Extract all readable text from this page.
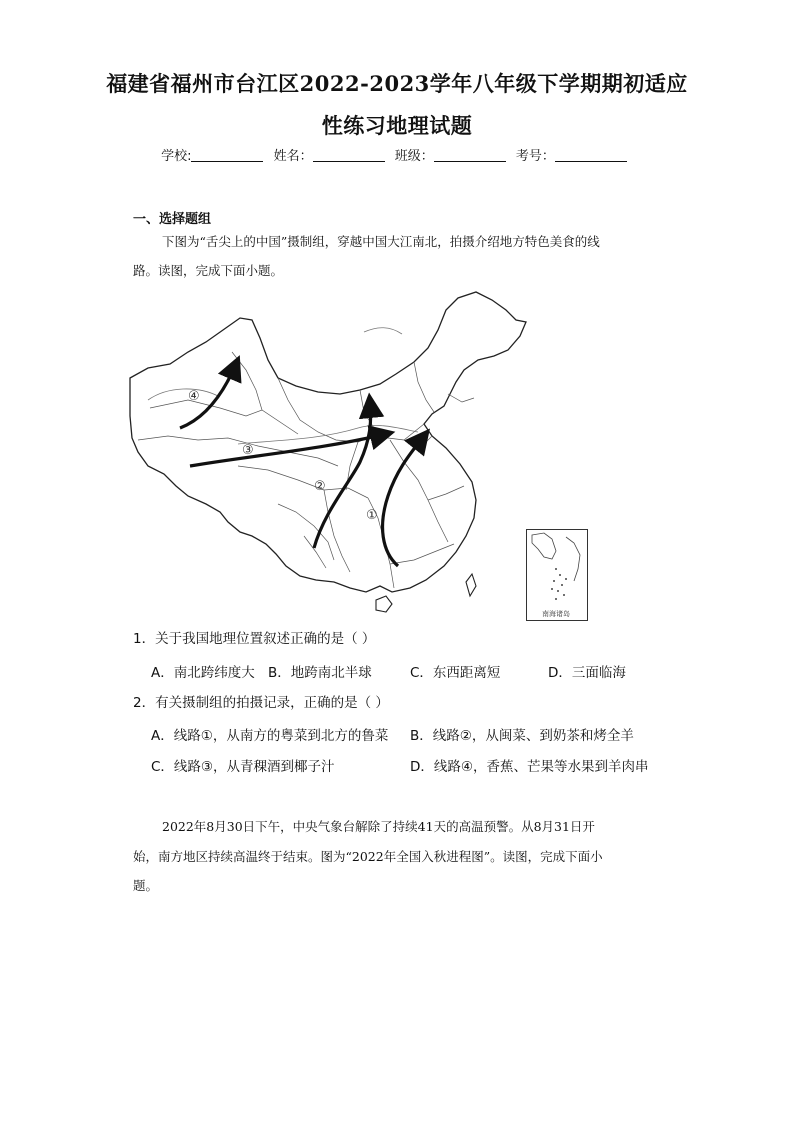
福建省福州市台江区2022-2023学年八年级下学期期初适应
性练习地理试题
学校:	姓名：	班级：	考号：
一、选择题组
下图为“舌尖上的中国”摄制组，穿越中国大江南北，拍摄介绍地方特色美食的线
路。读图，完成下面小题。
④
③
②
①
南海诸岛
1．关于我国地理位置叙述正确的是（ ）
A．南北跨纬度大 B．地跨南北半球	C．东西距离短	D．三面临海
2．有关摄制组的拍摄记录，正确的是（ ）
A．线路①，从南方的粤菜到北方的鲁菜 B．线路②，从闽菜、到奶茶和烤全羊
C．线路③，从青稞酒到椰子汁	D．线路④，香蕉、芒果等水果到羊肉串
2022年8月30日下午，中央气象台解除了持续41天的高温预警。从8月31日开
始，南方地区持续高温终于结束。图为“2022年全国入秋进程图”。读图，完成下面小
题。
